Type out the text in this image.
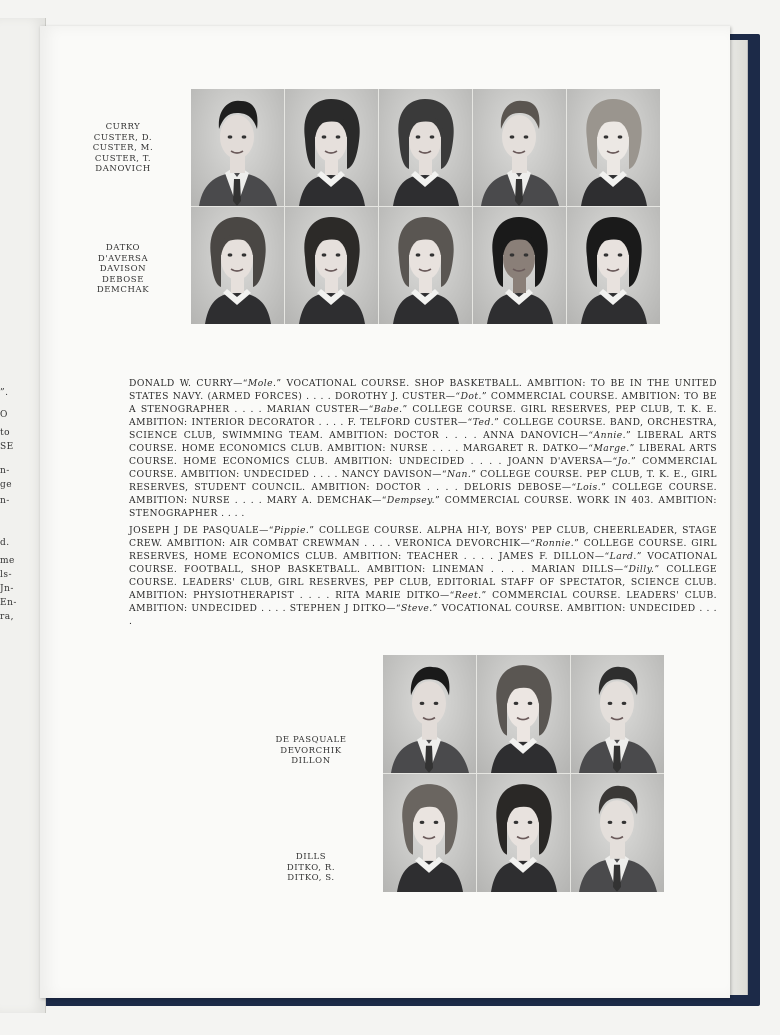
”.
O
to
SE
n-
ge
n-
d.
me
ls-
Jn-
En-
ra,
CURRY
CUSTER, D.
CUSTER, M.
CUSTER, T.
DANOVICH
DATKO
D'AVERSA
DAVISON
DEBOSE
DEMCHAK
DONALD W. CURRY—“Mole.” VOCATIONAL COURSE. SHOP BASKETBALL. AMBITION: TO BE IN THE UNITED STATES NAVY. (ARMED FORCES) . . . . DOROTHY J. CUSTER—“Dot.” COMMERCIAL COURSE. AMBITION: TO BE A STENOGRAPHER . . . . MARIAN CUSTER—“Babe.” COLLEGE COURSE. GIRL RESERVES, PEP CLUB, T. K. E. AMBITION: INTERIOR DECORATOR . . . . F. TELFORD CUSTER—“Ted.” COLLEGE COURSE. BAND, ORCHESTRA, SCIENCE CLUB, SWIMMING TEAM. AMBITION: DOCTOR . . . . ANNA DANOVICH—“Annie.” LIBERAL ARTS COURSE. HOME ECONOMICS CLUB. AMBITION: NURSE . . . . MARGARET R. DATKO—“Marge.” LIBERAL ARTS COURSE. HOME ECONOMICS CLUB. AMBITION: UNDECIDED . . . . JOANN D'AVERSA—“Jo.” COMMERCIAL COURSE. AMBITION: UNDECIDED . . . . NANCY DAVISON—“Nan.” COLLEGE COURSE. PEP CLUB, T. K. E., GIRL RESERVES, STUDENT COUNCIL. AMBITION: DOCTOR . . . . DELORIS DEBOSE—“Lois.” COLLEGE COURSE. AMBITION: NURSE . . . . MARY A. DEMCHAK—“Dempsey.” COMMERCIAL COURSE. WORK IN 403. AMBITION: STENOGRAPHER . . . .
JOSEPH J DE PASQUALE—“Pippie.” COLLEGE COURSE. ALPHA HI-Y, BOYS' PEP CLUB, CHEERLEADER, STAGE CREW. AMBITION: AIR COMBAT CREWMAN . . . . VERONICA DEVORCHIK—“Ronnie.” COLLEGE COURSE. GIRL RESERVES, HOME ECONOMICS CLUB. AMBITION: TEACHER . . . . JAMES F. DILLON—“Lard.” VOCATIONAL COURSE. FOOTBALL, SHOP BASKETBALL. AMBITION: LINEMAN . . . . MARIAN DILLS—“Dilly.” COLLEGE COURSE. LEADERS' CLUB, GIRL RESERVES, PEP CLUB, EDITORIAL STAFF OF SPECTATOR, SCIENCE CLUB. AMBITION: PHYSIOTHERAPIST . . . . RITA MARIE DITKO—“Reet.” COMMERCIAL COURSE. LEADERS' CLUB. AMBITION: UNDECIDED . . . . STEPHEN J DITKO—“Steve.” VOCATIONAL COURSE. AMBITION: UNDECIDED . . . .
DE PASQUALE
DEVORCHIK
DILLON
DILLS
DITKO, R.
DITKO, S.
